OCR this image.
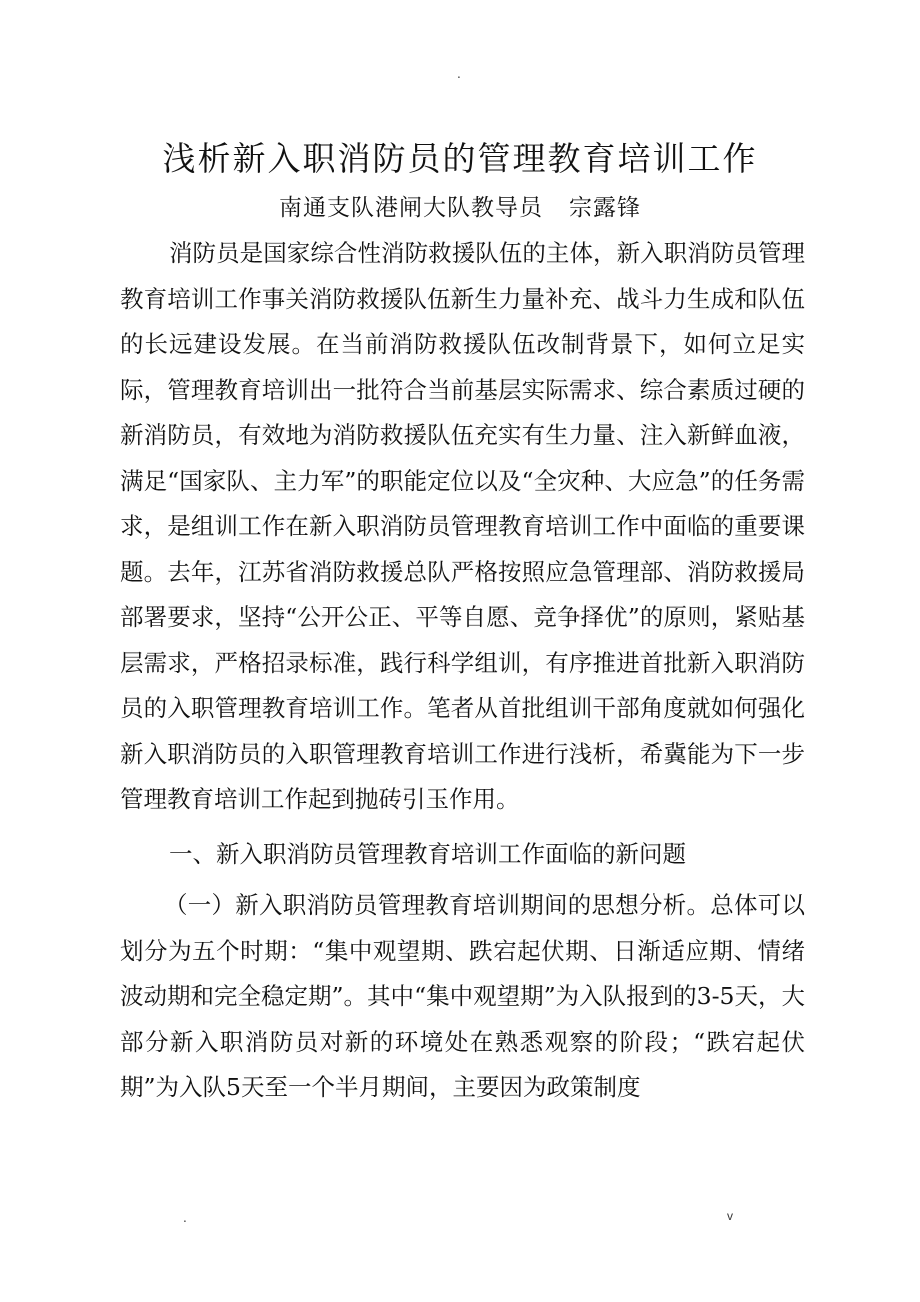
.
浅析新入职消防员的管理教育培训工作
南通支队港闸大队教导员 宗露锋

消防员是国家综合性消防救援队伍的主体，新入职消防员管理教育培训工作事关消防救援队伍新生力量补充、战斗力生成和队伍的长远建设发展。在当前消防救援队伍改制背景下，如何立足实际，管理教育培训出一批符合当前基层实际需求、综合素质过硬的新消防员，有效地为消防救援队伍充实有生力量、注入新鲜血液，满足“国家队、主力军”的职能定位以及“全灾种、大应急”的任务需求，是组训工作在新入职消防员管理教育培训工作中面临的重要课题。去年，江苏省消防救援总队严格按照应急管理部、消防救援局部署要求，坚持“公开公正、平等自愿、竞争择优”的原则，紧贴基层需求，严格招录标准，践行科学组训，有序推进首批新入职消防员的入职管理教育培训工作。笔者从首批组训干部角度就如何强化新入职消防员的入职管理教育培训工作进行浅析，希冀能为下一步管理教育培训工作起到抛砖引玉作用。

一、新入职消防员管理教育培训工作面临的新问题

（一）新入职消防员管理教育培训期间的思想分析。总体可以划分为五个时期：“集中观望期、跌宕起伏期、日渐适应期、情绪波动期和完全稳定期”。其中“集中观望期”为入队报到的3-5天，大部分新入职消防员对新的环境处在熟悉观察的阶段；“跌宕起伏期”为入队5天至一个半月期间，主要因为政策制度

.	v
